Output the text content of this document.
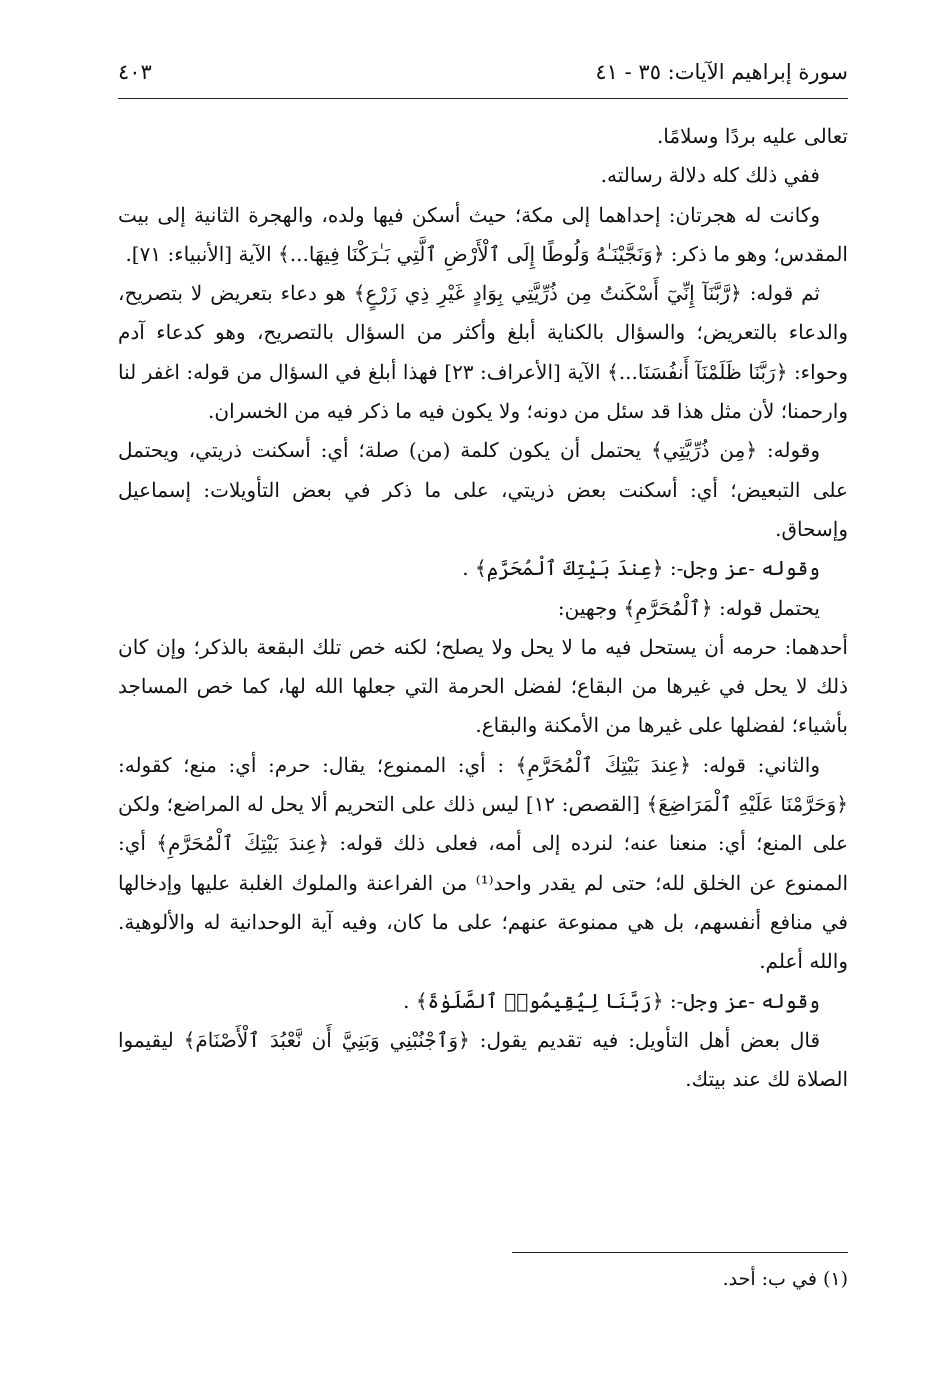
سورة إبراهيم الآيات: ٣٥ - ٤١
٤٠٣

تعالى عليه بردًا وسلامًا.

ففي ذلك كله دلالة رسالته.

وكانت له هجرتان: إحداهما إلى مكة؛ حيث أسكن فيها ولده، والهجرة الثانية إلى بيت المقدس؛ وهو ما ذكر: ﴿وَنَجَّيْنَـٰهُ وَلُوطًا إِلَى ٱلْأَرْضِ ٱلَّتِي بَـٰرَكْنَا فِيهَا...﴾ الآية [الأنبياء: ٧١].

ثم قوله: ﴿رَّبَّنَآ إِنِّيٓ أَسْكَنتُ مِن ذُرِّيَّتِي بِوَادٍ غَيْرِ ذِي زَرْعٍ﴾ هو دعاء بتعريض لا بتصريح، والدعاء بالتعريض؛ والسؤال بالكناية أبلغ وأكثر من السؤال بالتصريح، وهو كدعاء آدم وحواء: ﴿رَبَّنَا ظَلَمْنَآ أَنفُسَنَا...﴾ الآية [الأعراف: ٢٣] فهذا أبلغ في السؤال من قوله: اغفر لنا وارحمنا؛ لأن مثل هذا قد سئل من دونه؛ ولا يكون فيه ما ذكر فيه من الخسران.

وقوله: ﴿مِن ذُرِّيَّتِي﴾ يحتمل أن يكون كلمة (من) صلة؛ أي: أسكنت ذريتي، ويحتمل على التبعيض؛ أي: أسكنت بعض ذريتي، على ما ذكر في بعض التأويلات: إسماعيل وإسحاق.

وقوله -عز وجل-: ﴿عِندَ بَيْتِكَ ٱلْمُحَرَّمِ﴾ .

يحتمل قوله: ﴿ٱلْمُحَرَّمِ﴾ وجهين:

أحدهما: حرمه أن يستحل فيه ما لا يحل ولا يصلح؛ لكنه خص تلك البقعة بالذكر؛ وإن كان ذلك لا يحل في غيرها من البقاع؛ لفضل الحرمة التي جعلها الله لها، كما خص المساجد بأشياء؛ لفضلها على غيرها من الأمكنة والبقاع.

والثاني: قوله: ﴿عِندَ بَيْتِكَ ٱلْمُحَرَّمِ﴾ : أي: الممنوع؛ يقال: حرم: أي: منع؛ كقوله: ﴿وَحَرَّمْنَا عَلَيْهِ ٱلْمَرَاضِعَ﴾ [القصص: ١٢] ليس ذلك على التحريم ألا يحل له المراضع؛ ولكن على المنع؛ أي: منعنا عنه؛ لنرده إلى أمه، فعلى ذلك قوله: ﴿عِندَ بَيْتِكَ ٱلْمُحَرَّمِ﴾ أي: الممنوع عن الخلق لله؛ حتى لم يقدر واحد⁽¹⁾ من الفراعنة والملوك الغلبة عليها وإدخالها في منافع أنفسهم، بل هي ممنوعة عنهم؛ على ما كان، وفيه آية الوحدانية له والألوهية. والله أعلم.

وقوله -عز وجل-: ﴿رَبَّنَا لِيُقِيمُوا۟ ٱلصَّلَوٰةَ﴾ .

قال بعض أهل التأويل: فيه تقديم يقول: ﴿وَٱجْنُبْنِي وَبَنِيَّ أَن نَّعْبُدَ ٱلْأَصْنَامَ﴾ ليقيموا الصلاة لك عند بيتك.

(١) في ب: أحد.
